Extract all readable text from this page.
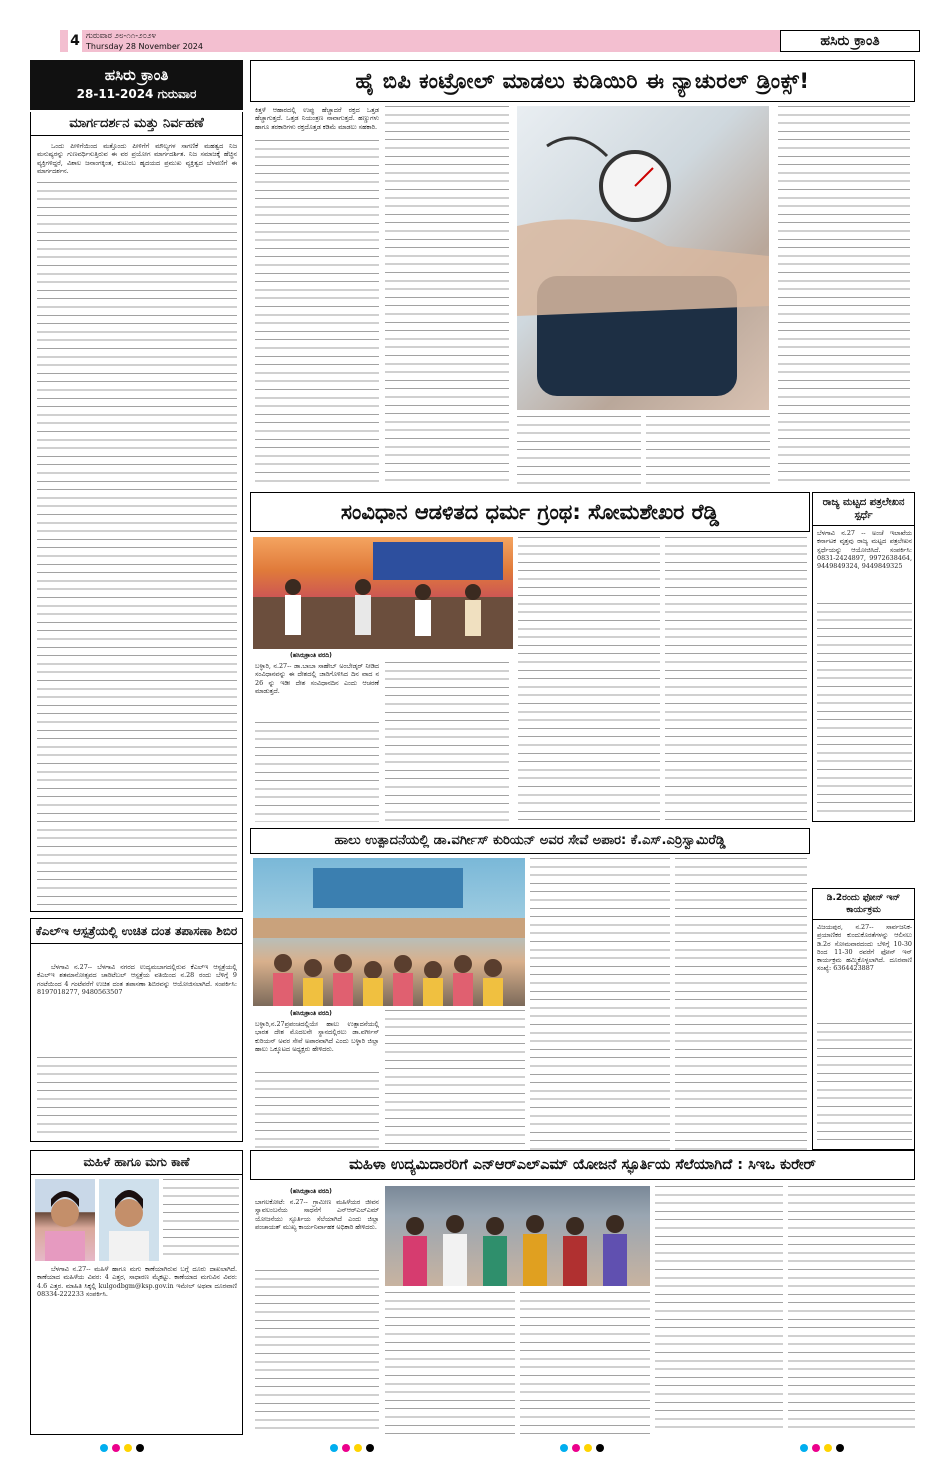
4 ಗುರುವಾರ ೨೮-೧೧-೨೦೨೪
Thursday 28 November 2024	ಹಸಿರು ಕ್ರಾಂತಿ
ಹಸಿರು ಕ್ರಾಂತಿ
28-11-2024 ಗುರುವಾರ
ಮಾರ್ಗದರ್ಶನ ಮತ್ತು ನಿರ್ವಹಣೆ
ಒಂದು ಪೀಳಿಗೆಯಿಂದ ಮತ್ತೊಂದು ಪೀಳಿಗೆಗೆ ಮೌಲ್ಯಗಳ ಸಾಗಣಿಕೆ ಮಹತ್ವದ ನಿಜ ಮನುಷ್ಯರನ್ನು ಗುಣವರ್ಧಿಸುತ್ತಿರುವ ಈ ವರ ಪ್ರಯೋಗ ಮಾರ್ಗದರ್ಶಿತ. ನಿಜ ಸಮಾಜಕ್ಕೆ ಹೆಚ್ಚಿನ ವ್ಯಕ್ತಿಗಳಿದ್ದರೆ, ವಿಶಾಲ ಜನಾಂಗಕ್ಕಿಂತ, ಕುಟುಂಬ ಹೃದಯದ ಪ್ರಮುಖ ವ್ಯಕ್ತಿತ್ವದ ಬೆಳವಣಿಗೆ ಈ ಮಾರ್ಗದರ್ಶನ.
ಹೈ ಬಿಪಿ ಕಂಟ್ರೋಲ್ ಮಾಡಲು ಕುಡಿಯಿರಿ ಈ ನ್ಯಾಚುರಲ್ ಡ್ರಿಂಕ್ಸ್!
ಕಿತ್ತಳೆ ಆಹಾರದಲ್ಲಿ ಉಪ್ಪು ಹೆಚ್ಚಾದರೆ ರಕ್ತದ ಒತ್ತಡ ಹೆಚ್ಚಾಗುತ್ತದೆ. ಒತ್ತಡ ನಿಯಂತ್ರಣ ನಾವಾಗುತ್ತದೆ. ಹಣ್ಣುಗಳು ಹಾಗೂ ತರಕಾರಿಗಳು ರಕ್ತದೊತ್ತಡ ಕಡಿಮೆ ಮಾಡಲು ಸಹಕಾರಿ.
ಸಂವಿಧಾನ ಆಡಳಿತದ ಧರ್ಮ ಗ್ರಂಥ: ಸೋಮಶೇಖರ ರೆಡ್ಡಿ
(ಹಸಿರುಕ್ರಾಂತಿ ವರದಿ)
ಬಳ್ಳಾರಿ, ನ.27-- ಡಾ.ಬಾಬಾ ಸಾಹೇಬ್ ಅಂಬೇಡ್ಕರ್ ನೀಡಿದ ಸಂವಿಧಾನವನ್ನು ಈ ದೇಶದಲ್ಲಿ ಜಾರಿಗೊಳಿಸಿದ ದಿನ ವಾದ ನ 26 ನ್ನು ಇಡೀ ದೇಶ ಸಂವಿಧಾನದಿನ ಎಂದು ಆಚರಣೆ ಮಾಡುತ್ತದೆ.
ರಾಜ್ಯ ಮಟ್ಟದ ಪತ್ರಲೇಖನ ಸ್ಪರ್ಧೆ
ಬೆಳಗಾವಿ ನ.27 -- ಅಂಚೆ ಇಲಾಖೆಯ ಕರ್ನಾಟಕ ವೃತ್ತವು ರಾಜ್ಯ ಮಟ್ಟದ ಪತ್ರಲೇಖನ ಸ್ಪರ್ಧೆಯನ್ನು ಆಯೋಜಿಸಿದೆ. ಸಂಪರ್ಕಿಸಿ: 0831-2424897, 9972638464, 9449849324, 9449849325
ಹಾಲು ಉತ್ಪಾದನೆಯಲ್ಲಿ ಡಾ.ವರ್ಗೀಸ್ ಕುರಿಯನ್ ಅವರ ಸೇವೆ ಅಪಾರ: ಕೆ.ಎಸ್.ಎರ್ರಿಸ್ವಾಮಿರೆಡ್ಡಿ
(ಹಸಿರುಕ್ರಾಂತಿ ವರದಿ)
ಬಳ್ಳಾರಿ,ನ.27ಪ್ರಪಂಚದಲ್ಲಿಯೇ ಹಾಲು ಉತ್ಪಾದನೆಯಲ್ಲಿ ಭಾರತ ದೇಶ ಮೊದಲನೇ ಸ್ಥಾನದಲ್ಲಿರಲು ಡಾ.ವರ್ಗೀಸ್ ಕುರಿಯನ್ ಅವರ ಸೇವೆ ಅಪಾರವಾಗಿದೆ ಎಂದು ಬಳ್ಳಾರಿ ಜಿಲ್ಲಾ ಹಾಲು ಒಕ್ಕೂಟದ ಅಧ್ಯಕ್ಷರು ಹೇಳಿದರು.
ಡಿ.2ರಂದು ಫೋನ್ ಇನ್ ಕಾರ್ಯಕ್ರಮ
ವಿಜಯಪುರ, ನ.27-- ಸಾರ್ವಜನಿಕ-ಪ್ರಯಾಣಿಕರ ಕುಂದುಕೊರತೆಗಳನ್ನು ಆಲಿಸಲು ಡಿ.2ರ ಸೋಮವಾರದಂದು ಬೆಳಿಗ್ಗೆ 10-30 ರಿಂದ 11-30 ರವರೆಗೆ ಫೋನ್ ಇನ್ ಕಾರ್ಯಕ್ರಮ ಹಮ್ಮಿಕೊಳ್ಳಲಾಗಿದೆ. ದೂರವಾಣಿ ಸಂಖ್ಯೆ: 6364423887
ಕೆಎಲ್ಇ ಆಸ್ಪತ್ರೆಯಲ್ಲಿ ಉಚಿತ ದಂತ ತಪಾಸಣಾ ಶಿಬಿರ
ಬೆಳಗಾವಿ ನ.27-- ಬೆಳಗಾವಿ ನಗರದ ಉದ್ಯಮಬಾಗದಲ್ಲಿರುವ ಕೆಎಲ್ಇ ಆಸ್ಪತ್ರೆಯಲ್ಲಿ ಕೆಎಲ್ಇ ಶತಮಾನೋತ್ಸವದ ಚಾರಿಟೆಬಲ್ ಆಸ್ಪತ್ರೆಯ ವತಿಯಿಂದ ನ.28 ರಂದು ಬೆಳಿಗ್ಗೆ 9 ಗಂಟೆಯಿಂದ 4 ಗಂಟೆವರೆಗೆ ಉಚಿತ ದಂತ ತಪಾಸಣಾ ಶಿಬಿರವನ್ನು ಆಯೋಜಿಸಲಾಗಿದೆ. ಸಂಪರ್ಕಿಸಿ: 8197018277, 9480563507
ಮಹಿಳೆ ಹಾಗೂ ಮಗು ಕಾಣೆ
ಬೆಳಗಾವಿ ನ.27-- ಮಹಿಳೆ ಹಾಗೂ ಮಗು ಕಾಣೆಯಾಗಿರುವ ಬಗ್ಗೆ ದೂರು ದಾಖಲಾಗಿದೆ. ಕಾಣೆಯಾದ ಮಹಿಳೆಯ ವಿವರ: 4 ಎತ್ತರ, ಸಾಧಾರಣ ಮೈಕಟ್ಟು. ಕಾಣೆಯಾದ ಮಗುವಿನ ವಿವರ: 4.6 ಎತ್ತರ. ಮಾಹಿತಿ ಸಿಕ್ಕಲ್ಲಿ kulgodbgm@ksp.gov.in ಇಮೇಲ್ ಅಥವಾ ದೂರವಾಣಿ 08334-222233 ಸಂಪರ್ಕಿಸಿ.
ಮಹಿಳಾ ಉದ್ಯಮಿದಾರರಿಗೆ ಎನ್‌ಆರ್‌ಎಲ್‌ಎಮ್ ಯೋಜನೆ ಸ್ಫೂರ್ತಿಯ ಸೆಲೆಯಾಗಿದೆ : ಸಿಇಒ ಕುರೇರ್
(ಹಸಿರುಕ್ರಾಂತಿ ವರದಿ)
ಬಾಗಲಕೋಟೆ: ನ.27-- ಗ್ರಾಮೀಣ ಮಹಿಳೆಯರ ಜೀವನ ಸ್ವಾವಲಂಬನೆಯ ಸಾಧನೆಗೆ ಎನ್‌ಆರ್‌ಎಲ್‌ಎಮ್ ಯೋಜನೆಯು ಸ್ಫೂರ್ತಿಯ ಸೆಲೆಯಾಗಿದೆ ಎಂದು ಜಿಲ್ಲಾ ಪಂಚಾಯತ್ ಮುಖ್ಯ ಕಾರ್ಯನಿರ್ವಾಹಕ ಅಧಿಕಾರಿ ಹೇಳಿದರು.
